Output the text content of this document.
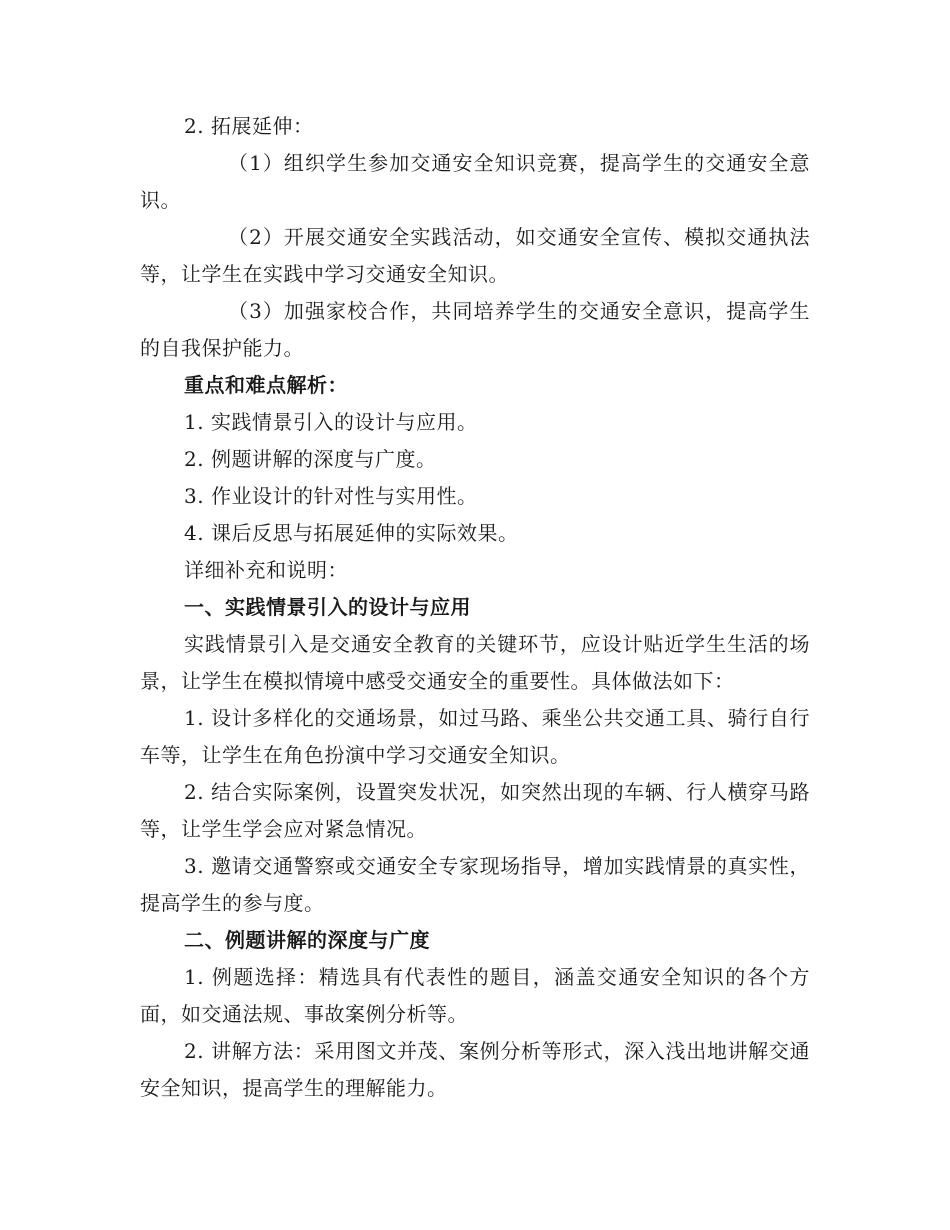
2. 拓展延伸：

（1）组织学生参加交通安全知识竞赛，提高学生的交通安全意识。

（2）开展交通安全实践活动，如交通安全宣传、模拟交通执法等，让学生在实践中学习交通安全知识。

（3）加强家校合作，共同培养学生的交通安全意识，提高学生的自我保护能力。

重点和难点解析：

1. 实践情景引入的设计与应用。

2. 例题讲解的深度与广度。

3. 作业设计的针对性与实用性。

4. 课后反思与拓展延伸的实际效果。

详细补充和说明：

一、实践情景引入的设计与应用

实践情景引入是交通安全教育的关键环节，应设计贴近学生生活的场景，让学生在模拟情境中感受交通安全的重要性。具体做法如下：

1. 设计多样化的交通场景，如过马路、乘坐公共交通工具、骑行自行车等，让学生在角色扮演中学习交通安全知识。

2. 结合实际案例，设置突发状况，如突然出现的车辆、行人横穿马路等，让学生学会应对紧急情况。

3. 邀请交通警察或交通安全专家现场指导，增加实践情景的真实性，提高学生的参与度。

二、例题讲解的深度与广度

1. 例题选择：精选具有代表性的题目，涵盖交通安全知识的各个方面，如交通法规、事故案例分析等。

2. 讲解方法：采用图文并茂、案例分析等形式，深入浅出地讲解交通安全知识，提高学生的理解能力。
